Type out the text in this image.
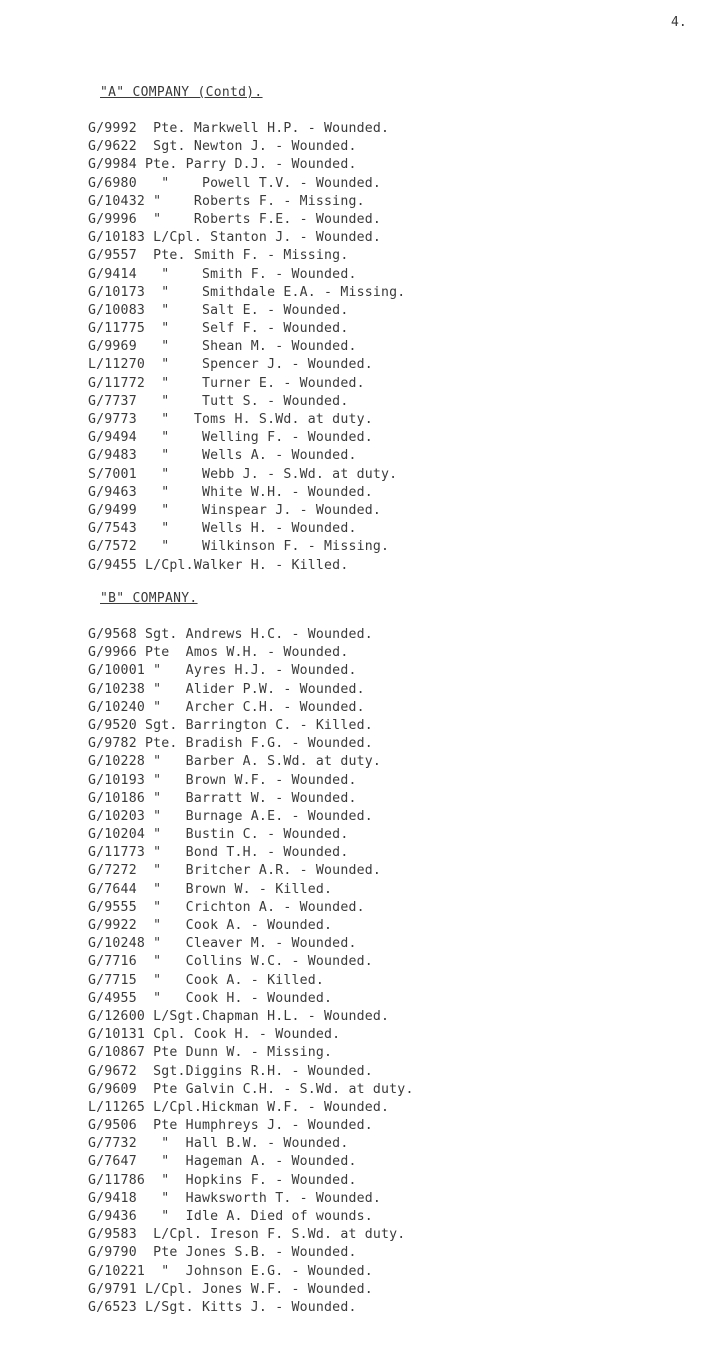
4.
"A" COMPANY (Contd).
G/9992  Pte. Markwell H.P. - Wounded.
G/9622  Sgt. Newton J. - Wounded.
G/9984 Pte. Parry D.J. - Wounded.
G/6980   "    Powell T.V. - Wounded.
G/10432 "    Roberts F. - Missing.
G/9996  "    Roberts F.E. - Wounded.
G/10183 L/Cpl. Stanton J. - Wounded.
G/9557  Pte. Smith F. - Missing.
G/9414   "    Smith F. - Wounded.
G/10173  "    Smithdale E.A. - Missing.
G/10083  "    Salt E. - Wounded.
G/11775  "    Self F. - Wounded.
G/9969   "    Shean M. - Wounded.
L/11270  "    Spencer J. - Wounded.
G/11772  "    Turner E. - Wounded.
G/7737   "    Tutt S. - Wounded.
G/9773   "   Toms H. S.Wd. at duty.
G/9494   "    Welling F. - Wounded.
G/9483   "    Wells A. - Wounded.
S/7001   "    Webb J. - S.Wd. at duty.
G/9463   "    White W.H. - Wounded.
G/9499   "    Winspear J. - Wounded.
G/7543   "    Wells H. - Wounded.
G/7572   "    Wilkinson F. - Missing.
G/9455 L/Cpl.Walker H. - Killed.
"B" COMPANY.
G/9568 Sgt. Andrews H.C. - Wounded.
G/9966 Pte  Amos W.H. - Wounded.
G/10001 "   Ayres H.J. - Wounded.
G/10238 "   Alider P.W. - Wounded.
G/10240 "   Archer C.H. - Wounded.
G/9520 Sgt. Barrington C. - Killed.
G/9782 Pte. Bradish F.G. - Wounded.
G/10228 "   Barber A. S.Wd. at duty.
G/10193 "   Brown W.F. - Wounded.
G/10186 "   Barratt W. - Wounded.
G/10203 "   Burnage A.E. - Wounded.
G/10204 "   Bustin C. - Wounded.
G/11773 "   Bond T.H. - Wounded.
G/7272  "   Britcher A.R. - Wounded.
G/7644  "   Brown W. - Killed.
G/9555  "   Crichton A. - Wounded.
G/9922  "   Cook A. - Wounded.
G/10248 "   Cleaver M. - Wounded.
G/7716  "   Collins W.C. - Wounded.
G/7715  "   Cook A. - Killed.
G/4955  "   Cook H. - Wounded.
G/12600 L/Sgt.Chapman H.L. - Wounded.
G/10131 Cpl. Cook H. - Wounded.
G/10867 Pte Dunn W. - Missing.
G/9672  Sgt.Diggins R.H. - Wounded.
G/9609  Pte Galvin C.H. - S.Wd. at duty.
L/11265 L/Cpl.Hickman W.F. - Wounded.
G/9506  Pte Humphreys J. - Wounded.
G/7732   "  Hall B.W. - Wounded.
G/7647   "  Hageman A. - Wounded.
G/11786  "  Hopkins F. - Wounded.
G/9418   "  Hawksworth T. - Wounded.
G/9436   "  Idle A. Died of wounds.
G/9583  L/Cpl. Ireson F. S.Wd. at duty.
G/9790  Pte Jones S.B. - Wounded.
G/10221  "  Johnson E.G. - Wounded.
G/9791 L/Cpl. Jones W.F. - Wounded.
G/6523 L/Sgt. Kitts J. - Wounded.
